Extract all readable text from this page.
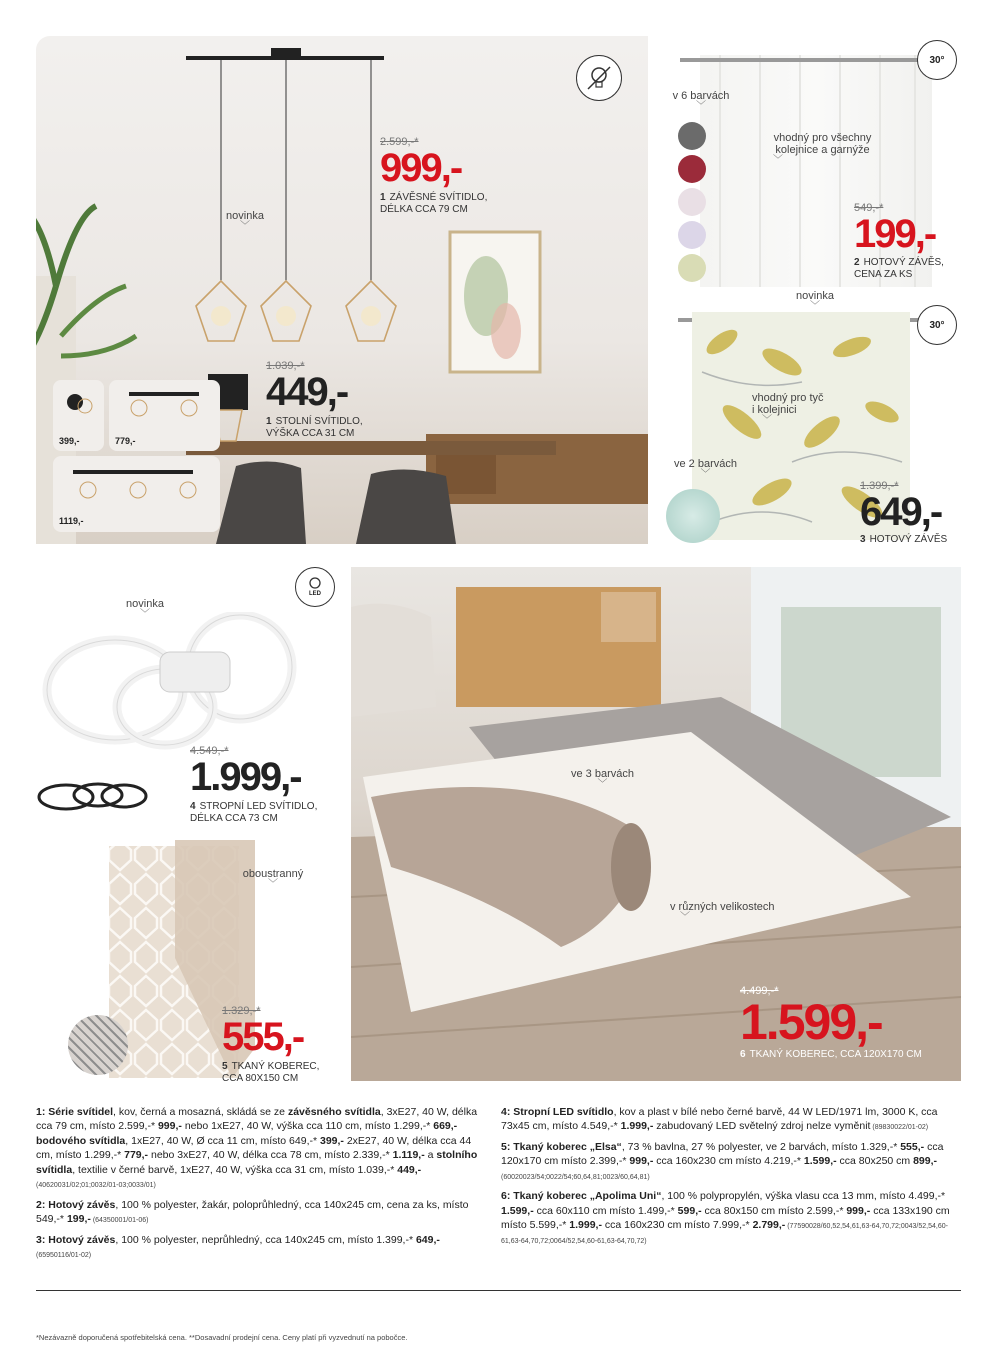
399,-	779,-
1119,-
novinka
﹀
2.599,-*
999,-
1 ZÁVĚSNÉ SVÍTIDLO,
DÉLKA CCA 79 CM
1.039,-*
449,-
1 STOLNÍ SVÍTIDLO,
VÝŠKA CCA 31 CM
v 6 barvách
﹀
vhodný pro všechny
kolejnice a garnýže
﹀
30°
549,-*
199,-
2 HOTOVÝ ZÁVĚS,
CENA ZA KS
novinka
﹀
30°
vhodný pro tyč
i kolejnici
﹀
ve 2 barvách
﹀
1.399,-*
649,-
3 HOTOVÝ ZÁVĚS
novinka
﹀
LED
4.549,-*
1.999,-
4 STROPNÍ LED SVÍTIDLO,
DÉLKA CCA 73 CM
oboustranný
﹀
1.329,-*
555,-
5 TKANÝ KOBEREC,
CCA 80X150 CM
ve 3 barvách
﹀
v různých velikostech
﹀
4.499,-*
1.599,-
6 TKANÝ KOBEREC, CCA 120X170 CM

1: Série svítidel, kov, černá a mosazná, skládá se ze závěsného svítidla, 3xE27, 40 W, délka cca 79 cm, místo 2.599,-* 999,- nebo 1xE27, 40 W, výška cca 110 cm, místo 1.299,-* 669,- bodového svítidla, 1xE27, 40 W, Ø cca 11 cm, místo 649,-* 399,- 2xE27, 40 W, délka cca 44 cm, místo 1.299,-* 779,- nebo 3xE27, 40 W, délka cca 78 cm, místo 2.339,-* 1.119,- a stolního svítidla, textilie v černé barvě, 1xE27, 40 W, výška cca 31 cm, místo 1.039,-* 449,- (40620031/02;01;0032/01-03;0033/01)

2: Hotový závěs, 100 % polyester, žakár, poloprůhledný, cca 140x245 cm, cena za ks, místo 549,-* 199,- (64350001/01-06)

3: Hotový závěs, 100 % polyester, neprůhledný, cca 140x245 cm, místo 1.399,-* 649,- (65950116/01-02)

4: Stropní LED svítidlo, kov a plast v bílé nebo černé barvě, 44 W LED/1971 lm, 3000 K, cca 73x45 cm, místo 4.549,-* 1.999,- zabudovaný LED světelný zdroj nelze vyměnit (89830022/01-02)

5: Tkaný koberec „Elsa“, 73 % bavlna, 27 % polyester, ve 2 barvách, místo 1.329,-* 555,- cca 120x170 cm místo 2.399,-* 999,- cca 160x230 cm místo 4.219,-* 1.599,- cca 80x250 cm 899,- (60020023/54;0022/54;60,64,81;0023/60,64,81)

6: Tkaný koberec „Apolima Uni“, 100 % polypropylén, výška vlasu cca 13 mm, místo 4.499,-* 1.599,- cca 60x110 cm místo 1.499,-* 599,- cca 80x150 cm místo 2.599,-* 999,- cca 133x190 cm místo 5.599,-* 1.999,- cca 160x230 cm místo 7.999,-* 2.799,- (77590028/60,52,54,61,63-64,70,72;0043/52,54,60-61,63-64,70,72;0064/52,54,60-61,63-64,70,72)

*Nezávazně doporučená spotřebitelská cena. **Dosavadní prodejní cena. Ceny platí při vyzvednutí na pobočce.
